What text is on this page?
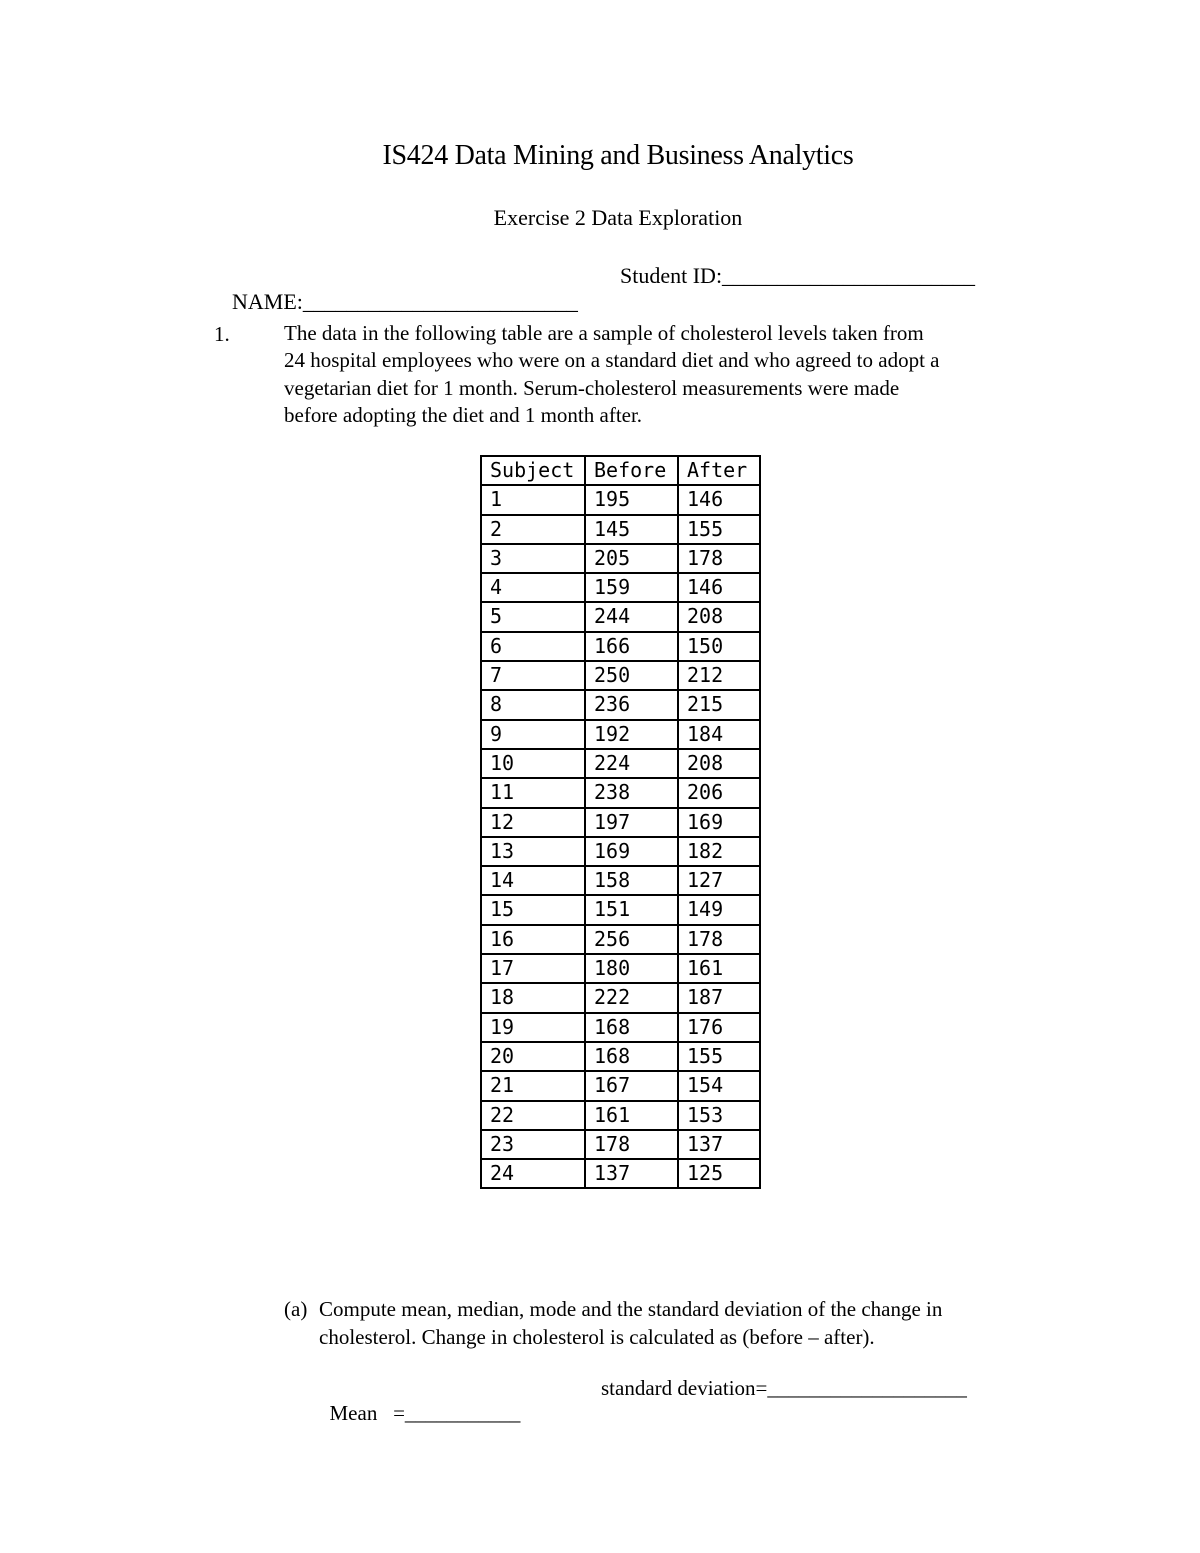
IS424 Data Mining and Business Analytics
Exercise 2 Data Exploration

NAME:_________________________

Student ID:_______________________

1.	The data in the following table are a sample of cholesterol levels taken from
24 hospital employees who were on a standard diet and who agreed to adopt a
vegetarian diet for 1 month. Serum-cholesterol measurements were made
before adopting the diet and 1 month after.
Subject	Before	After
1	195	146
2	145	155
3	205	178
4	159	146
5	244	208
6	166	150
7	250	212
8	236	215
9	192	184
10	224	208
11	238	206
12	197	169
13	169	182
14	158	127
15	151	149
16	256	178
17	180	161
18	222	187
19	168	176
20	168	155
21	167	154
22	161	153
23	178	137
24	137	125
(a) Compute mean, median, mode and the standard deviation of the change in
cholesterol. Change in cholesterol is calculated as (before – after).

Mean   =___________

standard deviation=___________________
